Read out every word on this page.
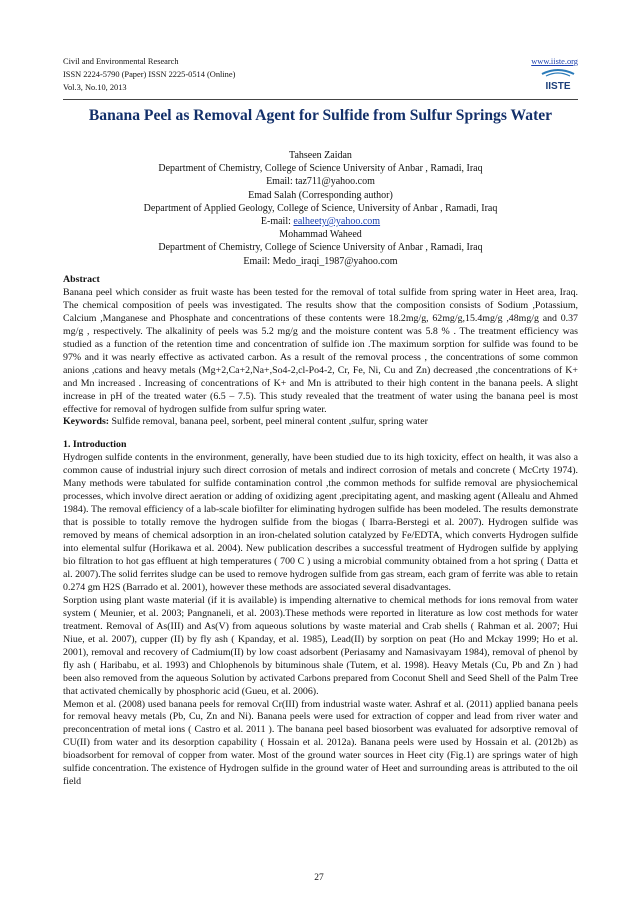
Civil and Environmental Research	www.iiste.org
ISSN 2224-5790 (Paper) ISSN 2225-0514 (Online)
Vol.3, No.10, 2013	IISTE
Banana Peel as Removal Agent for Sulfide from Sulfur Springs Water
Tahseen Zaidan
Department of Chemistry, College of Science University of Anbar , Ramadi, Iraq
Email: taz711@yahoo.com
Emad Salah (Corresponding author)
Department of Applied Geology, College of Science, University of Anbar , Ramadi, Iraq
E-mail: ealheety@yahoo.com
Mohammad Waheed
Department of Chemistry, College of Science University of Anbar , Ramadi, Iraq
Email: Medo_iraqi_1987@yahoo.com
Abstract

Banana peel which consider as fruit waste has been tested for the removal of total sulfide from spring water in Heet area, Iraq. The chemical composition of peels was investigated. The results show that the composition consists of Sodium ,Potassium, Calcium ,Manganese and Phosphate and concentrations of these contents were 18.2mg/g, 62mg/g,15.4mg/g ,48mg/g and 0.37 mg/g , respectively. The alkalinity of peels was 5.2 mg/g and the moisture content was 5.8 % . The treatment efficiency was studied as a function of the retention time and concentration of sulfide ion .The maximum sorption for sulfide was found to be 97% and it was nearly effective as activated carbon. As a result of the removal process , the concentrations of some common anions ,cations and heavy metals (Mg+2,Ca+2,Na+,So4-2,cl-Po4-2, Cr, Fe, Ni, Cu and Zn) decreased ,the concentrations of K+ and Mn increased . Increasing of concentrations of K+ and Mn is attributed to their high content in the banana peels. A slight increase in pH of the treated water (6.5 – 7.5). This study revealed that the treatment of water using the banana peel is most effective for removal of hydrogen sulfide from sulfur spring water.

Keywords: Sulfide removal, banana peel, sorbent, peel mineral content ,sulfur, spring water

1. Introduction

Hydrogen sulfide contents in the environment, generally, have been studied due to its high toxicity, effect on health, it was also a common cause of industrial injury such direct corrosion of metals and indirect corrosion of metals and concrete ( McCrty 1974). Many methods were tabulated for sulfide contamination control ,the common methods for sulfide removal are physiochemical processes, which involve direct aeration or adding of oxidizing agent ,precipitating agent, and masking agent (Allealu and Ahmed 1984). The removal efficiency of a lab-scale biofilter for eliminating hydrogen sulfide has been modeled. The results demonstrate that is possible to totally remove the hydrogen sulfide from the biogas ( Ibarra-Berstegi et al. 2007). Hydrogen sulfide was removed by means of chemical adsorption in an iron-chelated solution catalyzed by Fe/EDTA, which converts Hydrogen sulfide into elemental sulfur (Horikawa et al. 2004). New publication describes a successful treatment of Hydrogen sulfide by applying bio filtration to hot gas effluent at high temperatures ( 700 C ) using a microbial community obtained from a hot spring ( Datta et al. 2007).The solid ferrites sludge can be used to remove hydrogen sulfide from gas stream, each gram of ferrite was able to retain 0.274 gm H2S (Barrado et al. 2001), however these methods are associated several disadvantages.

Sorption using plant waste material (if it is available) is impending alternative to chemical methods for ions removal from water system ( Meunier, et al. 2003; Pangnaneli, et al. 2003).These methods were reported in literature as low cost methods for water treatment. Removal of As(III) and As(V) from aqueous solutions by waste material and Crab shells ( Rahman et al. 2007; Hui Niue, et al. 2007), cupper (II) by fly ash ( Kpanday, et al. 1985), Lead(II) by sorption on peat (Ho and Mckay 1999; Ho et al. 2001), removal and recovery of Cadmium(II) by low coast adsorbent (Periasamy and Namasivayam 1984), removal of phenol by fly ash ( Haribabu, et al. 1993) and Chlophenols by bituminous shale (Tutem, et al. 1998). Heavy Metals (Cu, Pb and Zn ) had been also removed from the aqueous Solution by activated Carbons prepared from Coconut Shell and Seed Shell of the Palm Tree that activated chemically by phosphoric acid (Gueu, et al. 2006).

Memon et al. (2008) used banana peels for removal Cr(III) from industrial waste water. Ashraf et al. (2011) applied banana peels for removal heavy metals (Pb, Cu, Zn and Ni). Banana peels were used for extraction of copper and lead from river water and preconcentration of metal ions ( Castro et al. 2011 ). The banana peel based biosorbent was evaluated for adsorptive removal of CU(II) from water and its desorption capability ( Hossain et al. 2012a). Banana peels were used by Hossain et al. (2012b) as bioadsorbent for removal of copper from water. Most of the ground water sources in Heet city (Fig.1) are springs water of high sulfide concentration. The existence of Hydrogen sulfide in the ground water of Heet and surrounding areas is attributed to the oil field

27
